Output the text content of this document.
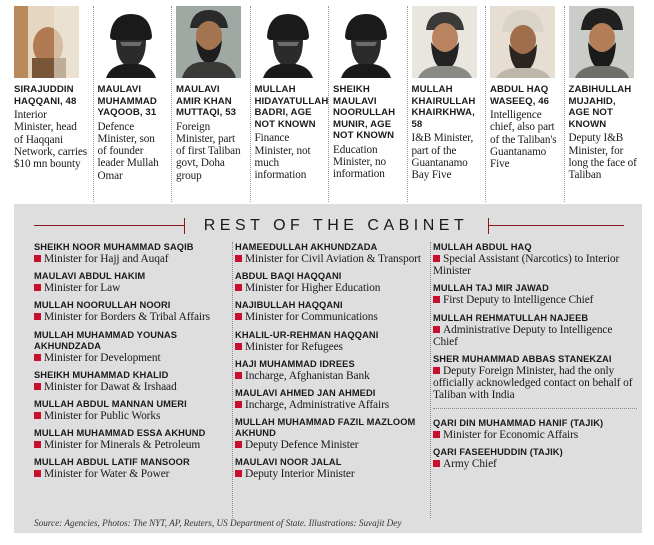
SIRAJUDDIN HAQQANI, 48
Interior Minister, head of Haqqani Network, carries $10 mn bounty
MAULAVI MUHAMMAD YAQOOB, 31
Defence Minister, son of founder leader Mullah Omar
MAULAVI AMIR KHAN MUTTAQI, 53
Foreign Minister, part of first Taliban govt, Doha group
MULLAH HIDAYATULLAH BADRI, AGE NOT KNOWN
Finance Minister, not much information
SHEIKH MAULAVI NOORULLAH MUNIR, AGE NOT KNOWN
Education Minister, no information
MULLAH KHAIRULLAH KHAIRKHWA, 58
I&B Minister, part of the Guantanamo Bay Five
ABDUL HAQ WASEEQ, 46
Intelligence chief, also part of the Taliban's Guantanamo Five
ZABIHULLAH MUJAHID, AGE NOT KNOWN
Deputy I&B Minister, for long the face of Taliban
REST OF THE CABINET
SHEIKH NOOR MUHAMMAD SAQIB
Minister for Hajj and Auqaf
MAULAVI ABDUL HAKIM
Minister for Law
MULLAH NOORULLAH NOORI
Minister for Borders & Tribal Affairs
MULLAH MUHAMMAD YOUNAS AKHUNDZADA
Minister for Development
SHEIKH MUHAMMAD KHALID
Minister for Dawat & Irshaad
MULLAH ABDUL MANNAN UMERI
Minister for Public Works
MULLAH MUHAMMAD ESSA AKHUND
Minister for Minerals & Petroleum
MULLAH ABDUL LATIF MANSOOR
Minister for Water & Power
HAMEEDULLAH AKHUNDZADA
Minister for Civil Aviation & Transport
ABDUL BAQI HAQQANI
Minister for Higher Education
NAJIBULLAH HAQQANI
Minister for Communications
KHALIL-UR-REHMAN HAQQANI
Minister for Refugees
HAJI MUHAMMAD IDREES
Incharge, Afghanistan Bank
MAULAVI AHMED JAN AHMEDI
Incharge, Administrative Affairs
MULLAH MUHAMMAD FAZIL MAZLOOM AKHUND
Deputy Defence Minister
MAULAVI NOOR JALAL
Deputy Interior Minister
MULLAH ABDUL HAQ
Special Assistant (Narcotics) to Interior Minister
MULLAH TAJ MIR JAWAD
First Deputy to Intelligence Chief
MULLAH REHMATULLAH NAJEEB
Administrative Deputy to Intelligence Chief
SHER MUHAMMAD ABBAS STANEKZAI
Deputy Foreign Minister, had the only officially acknowledged contact on behalf of Taliban with India
QARI DIN MUHAMMAD HANIF (TAJIK)
Minister for Economic Affairs
QARI FASEEHUDDIN (TAJIK)
Army Chief
Source: Agencies, Photos: The NYT, AP, Reuters, US Department of State. Illustrations: Suvajit Dey
